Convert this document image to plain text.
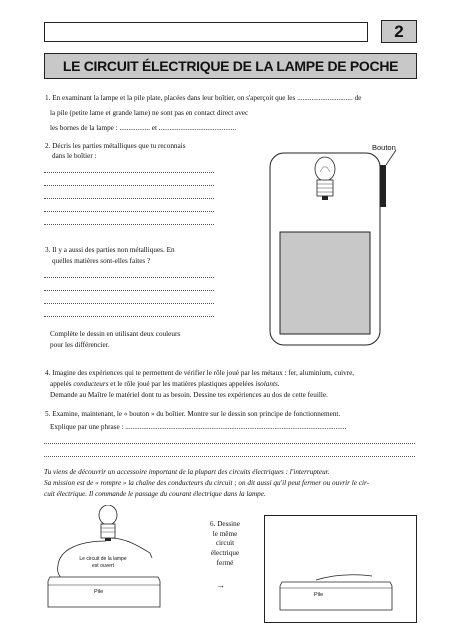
2
LE CIRCUIT ÉLECTRIQUE DE LA LAMPE DE POCHE
1. En examinant la lampe et la pile plate, placées dans leur boîtier, on s'aperçoit que les ............................... de
la pile (petite lame et grande lame) ne sont pas en contact direct avec
les bornes de la lampe : ................. et ...........................................
2. Décris les parties métalliques que tu reconnais
dans le boîtier :
3. Il y a aussi des parties non métalliques. En
quelles matières sont-elles faites ?
Complète le dessin en utilisant deux couleurs
pour les différencier.
Bouton
4. Imagine des expériences qui te permettent de vérifier le rôle joué par les métaux : fer, aluminium, cuivre,
appelés conducteurs et le rôle joué par les matières plastiques appelées isolants.
Demande au Maître le matériel dont tu as besoin. Dessine tes expériences au dos de cette feuille.
5. Examine, maintenant, le « bouton » du boîtier. Montre sur le dessin son principe de fonctionnement.
Explique par une phrase : ...........................................................................................................................
Tu viens de découvrir un accessoire important de la plupart des circuits électriques : l'interrupteur.
Sa mission est de « rompre » la chaîne des conducteurs du circuit ; on dit aussi qu'il peut fermer ou ouvrir le cir-
cuit électrique. Il commande le passage du courant électrique dans la lampe.
Le circuit de la lampe
est ouvert
Pile
6. Dessine
le même
circuit
électrique
fermé
→
Pile
